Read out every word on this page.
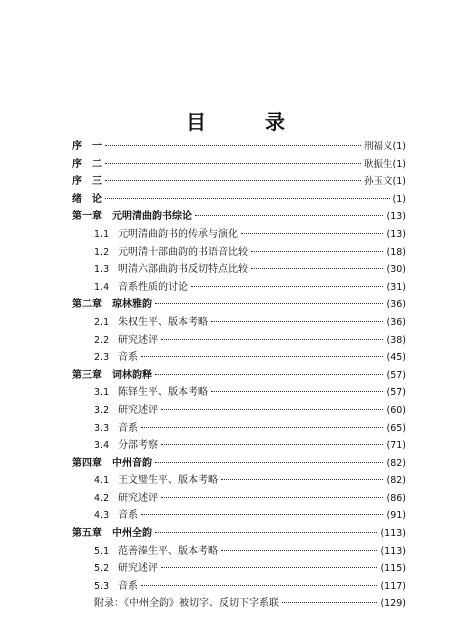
目 录
序　一	刑福义 (1)
序　二	耿振生 (1)
序　三	孙玉文 (1)
绪　论	(1)
第一章　元明清曲韵书综论	(13)
1.1 元明清曲韵书的传承与演化	(13)
1.2 元明清十部曲韵的书语音比较	(18)
1.3 明清六部曲韵书反切特点比较	(30)
1.4 音系性质的讨论	(31)
第二章　琼林雅韵	(36)
2.1 朱权生平、版本考略	(36)
2.2 研究述评	(38)
2.3 音系	(45)
第三章　词林韵释	(57)
3.1 陈铎生平、版本考略	(57)
3.2 研究述评	(60)
3.3 音系	(65)
3.4 分部考察	(71)
第四章　中州音韵	(82)
4.1 王文璧生平、版本考略	(82)
4.2 研究述评	(86)
4.3 音系	(91)
第五章　中州全韵	(113)
5.1 范善溱生平、版本考略	(113)
5.2 研究述评	(115)
5.3 音系	(117)
附录：《中州全韵》被切字、反切下字系联	(129)
